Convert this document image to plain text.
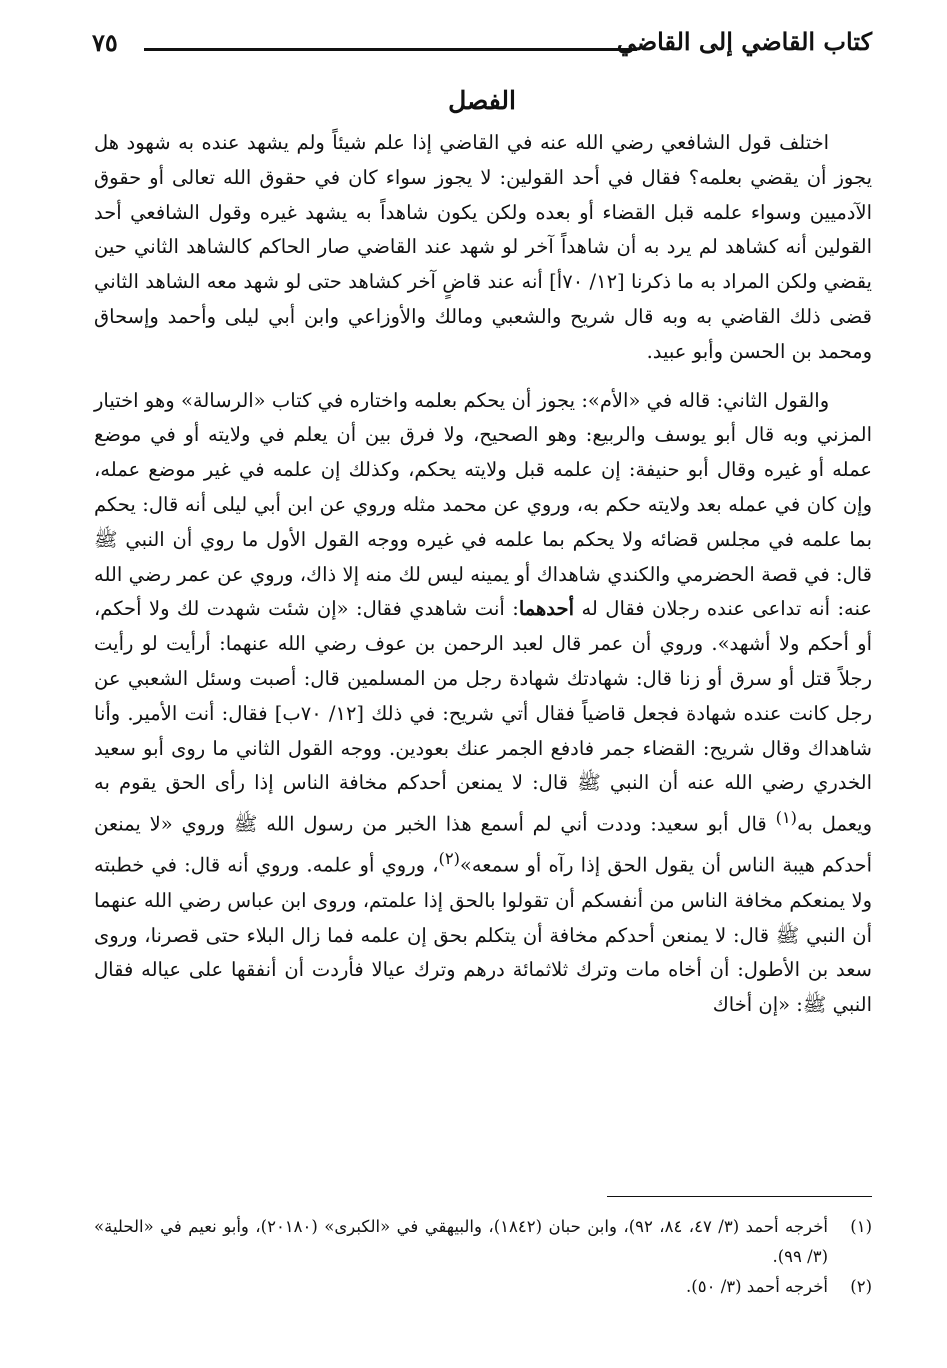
كتاب القاضي إلى القاضي
٧٥
الفصل

اختلف قول الشافعي رضي الله عنه في القاضي إذا علم شيئاً ولم يشهد عنده به شهود هل يجوز أن يقضي بعلمه؟ فقال في أحد القولين: لا يجوز سواء كان في حقوق الله تعالى أو حقوق الآدميين وسواء علمه قبل القضاء أو بعده ولكن يكون شاهداً به يشهد غيره وقول الشافعي أحد القولين أنه كشاهد لم يرد به أن شاهداً آخر لو شهد عند القاضي صار الحاكم كالشاهد الثاني حين يقضي ولكن المراد به ما ذكرنا [١٢/ ٧٠أ] أنه عند قاضٍ آخر كشاهد حتى لو شهد معه الشاهد الثاني قضى ذلك القاضي به وبه قال شريح والشعبي ومالك والأوزاعي وابن أبي ليلى وأحمد وإسحاق ومحمد بن الحسن وأبو عبيد.

والقول الثاني: قاله في «الأم»: يجوز أن يحكم بعلمه واختاره في كتاب «الرسالة» وهو اختيار المزني وبه قال أبو يوسف والربيع: وهو الصحيح، ولا فرق بين أن يعلم في ولايته أو في موضع عمله أو غيره وقال أبو حنيفة: إن علمه قبل ولايته يحكم، وكذلك إن علمه في غير موضع عمله، وإن كان في عمله بعد ولايته حكم به، وروي عن محمد مثله وروي عن ابن أبي ليلى أنه قال: يحكم بما علمه في مجلس قضائه ولا يحكم بما علمه في غيره ووجه القول الأول ما روي أن النبي ﷺ قال: في قصة الحضرمي والكندي شاهداك أو يمينه ليس لك منه إلا ذاك، وروي عن عمر رضي الله عنه: أنه تداعى عنده رجلان فقال له أحدهما: أنت شاهدي فقال: «إن شئت شهدت لك ولا أحكم، أو أحكم ولا أشهد». وروي أن عمر قال لعبد الرحمن بن عوف رضي الله عنهما: أرأيت لو رأيت رجلاً قتل أو سرق أو زنا قال: شهادتك شهادة رجل من المسلمين قال: أصبت وسئل الشعبي عن رجل كانت عنده شهادة فجعل قاضياً فقال أتي شريح: في ذلك [١٢/ ٧٠ب] فقال: أنت الأمير. وأنا شاهداك وقال شريح: القضاء جمر فادفع الجمر عنك بعودين. ووجه القول الثاني ما روى أبو سعيد الخدري رضي الله عنه أن النبي ﷺ قال: لا يمنعن أحدكم مخافة الناس إذا رأى الحق يقوم به ويعمل به$^{(١)}$ قال أبو سعيد: وددت أني لم أسمع هذا الخبر من رسول الله ﷺ وروي «لا يمنعن أحدكم هيبة الناس أن يقول الحق إذا رآه أو سمعه»$^{(٢)}$، وروي أو علمه. وروي أنه قال: في خطبته ولا يمنعكم مخافة الناس من أنفسكم أن تقولوا بالحق إذا علمتم، وروى ابن عباس رضي الله عنهما أن النبي ﷺ قال: لا يمنعن أحدكم مخافة أن يتكلم بحق إن علمه فما زال البلاء حتى قصرنا، وروى سعد بن الأطول: أن أخاه مات وترك ثلاثمائة درهم وترك عيالا فأردت أن أنفقها على عياله فقال النبي ﷺ: «إن أخاك

(١)
أخرجه أحمد (٣/ ٤٧، ٨٤، ٩٢)، وابن حبان (١٨٤٢)، والبيهقي في «الكبرى» (٢٠١٨٠)، وأبو نعيم في «الحلية» (٣/ ٩٩).
(٢)
أخرجه أحمد (٣/ ٥٠).
